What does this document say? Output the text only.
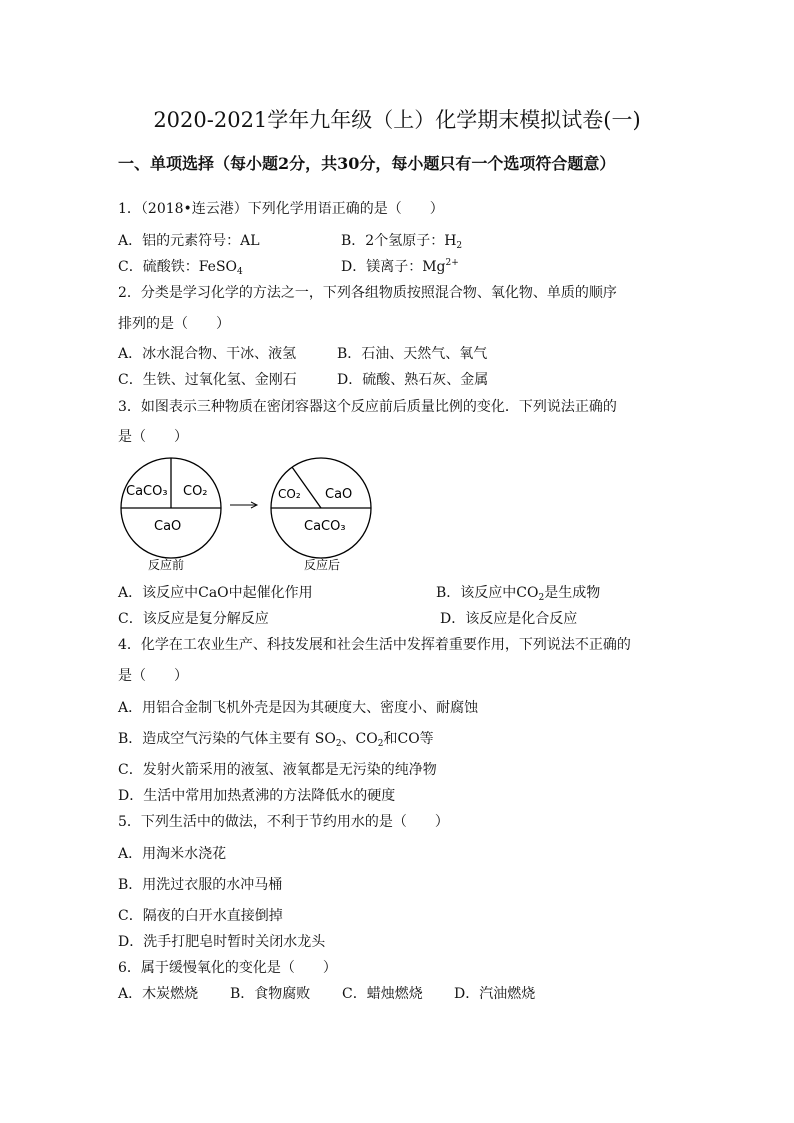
2020-2021学年九年级（上）化学期末模拟试卷(一)
一、单项选择（每小题2分，共30分，每小题只有一个选项符合题意）
1．（2018•连云港）下列化学用语正确的是（　　）
A．铝的元素符号：AL	B．2个氢原子：$H_2$
C．硫酸铁：FeSO$_4$	D．镁离子：$Mg^{2+}$
2．分类是学习化学的方法之一，下列各组物质按照混合物、氧化物、单质的顺序
排列的是（　　）
A．冰水混合物、干冰、液氢	B．石油、天然气、氧气
C．生铁、过氧化氢、金刚石	D．硫酸、熟石灰、金属
3．如图表示三种物质在密闭容器这个反应前后质量比例的变化．下列说法正确的
是（　　）
CaCO₃ CO₂
CaO
反应前
CO₂ CaO
CaCO₃
反应后
A．该反应中CaO中起催化作用	B．该反应中$CO_2$是生成物
C．该反应是复分解反应	D．该反应是化合反应
4．化学在工农业生产、科技发展和社会生活中发挥着重要作用，下列说法不正确的
是（　　）
A．用铝合金制飞机外壳是因为其硬度大、密度小、耐腐蚀
B．造成空气污染的气体主要有 $SO_2$、$CO_2$和CO等
C．发射火箭采用的液氢、液氧都是无污染的纯净物
D．生活中常用加热煮沸的方法降低水的硬度
5．下列生活中的做法，不利于节约用水的是（　　）
A．用淘米水浇花
B．用洗过衣服的水冲马桶
C．隔夜的白开水直接倒掉
D．洗手打肥皂时暂时关闭水龙头
6．属于缓慢氧化的变化是（　　）
A．木炭燃烧 B．食物腐败 C．蜡烛燃烧 D．汽油燃烧
